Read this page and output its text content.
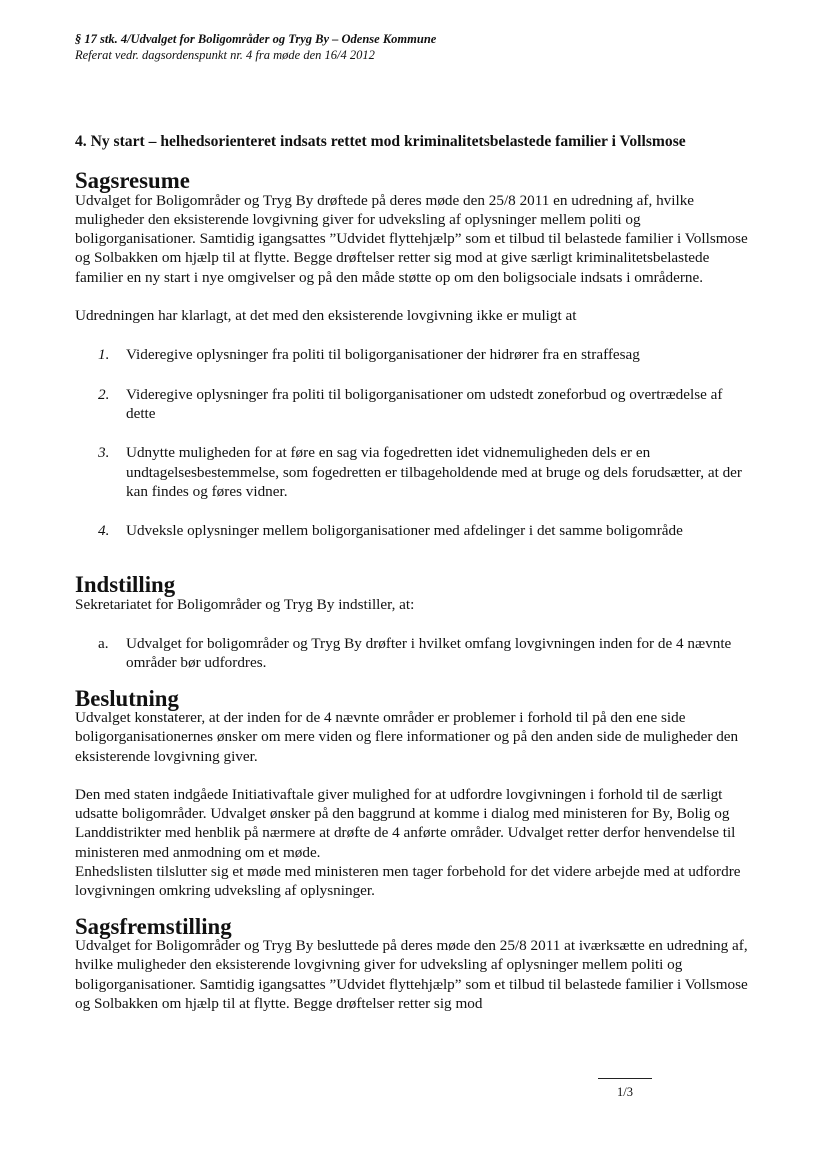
§ 17 stk. 4/Udvalget for Boligområder og Tryg By – Odense Kommune
Referat vedr. dagsordenspunkt nr. 4 fra møde den 16/4 2012
4. Ny start – helhedsorienteret indsats rettet mod kriminalitetsbelastede familier i Vollsmose
Sagsresume

Udvalget for Boligområder og Tryg By drøftede på deres møde den 25/8 2011 en udredning af, hvilke muligheder den eksisterende lovgivning giver for udveksling af oplysninger mellem politi og boligorganisationer. Samtidig igangsattes ”Udvidet flyttehjælp” som et tilbud til belastede familier i Vollsmose og Solbakken om hjælp til at flytte. Begge drøftelser retter sig mod at give særligt kriminalitetsbelastede familier en ny start i nye omgivelser og på den måde støtte op om den boligsociale indsats i områderne.

Udredningen har klarlagt, at det med den eksisterende lovgivning ikke er muligt at

1. Videregive oplysninger fra politi til boligorganisationer der hidrører fra en straffesag
2. Videregive oplysninger fra politi til boligorganisationer om udstedt zoneforbud og overtrædelse af dette
3. Udnytte muligheden for at føre en sag via fogedretten idet vidnemuligheden dels er en undtagelsesbestemmelse, som fogedretten er tilbageholdende med at bruge og dels forudsætter, at der kan findes og føres vidner.
4. Udveksle oplysninger mellem boligorganisationer med afdelinger i det samme boligområde
Indstilling

Sekretariatet for Boligområder og Tryg By indstiller, at:

a. Udvalget for boligområder og Tryg By drøfter i hvilket omfang lovgivningen inden for de 4 nævnte områder bør udfordres.
Beslutning

Udvalget konstaterer, at der inden for de 4 nævnte områder er problemer i forhold til på den ene side boligorganisationernes ønsker om mere viden og flere informationer og på den anden side de muligheder den eksisterende lovgivning giver.

Den med staten indgåede Initiativaftale giver mulighed for at udfordre lovgivningen i forhold til de særligt udsatte boligområder. Udvalget ønsker på den baggrund at komme i dialog med ministeren for By, Bolig og Landdistrikter med henblik på nærmere at drøfte de 4 anførte områder. Udvalget retter derfor henvendelse til ministeren med anmodning om et møde.

Enhedslisten tilslutter sig et møde med ministeren men tager forbehold for det videre arbejde med at udfordre lovgivningen omkring udveksling af oplysninger.

Sagsfremstilling

Udvalget for Boligområder og Tryg By besluttede på deres møde den 25/8 2011 at iværksætte en udredning af, hvilke muligheder den eksisterende lovgivning giver for udveksling af oplysninger mellem politi og boligorganisationer. Samtidig igangsattes ”Udvidet flyttehjælp” som et tilbud til belastede familier i Vollsmose og Solbakken om hjælp til at flytte. Begge drøftelser retter sig mod

1/3
